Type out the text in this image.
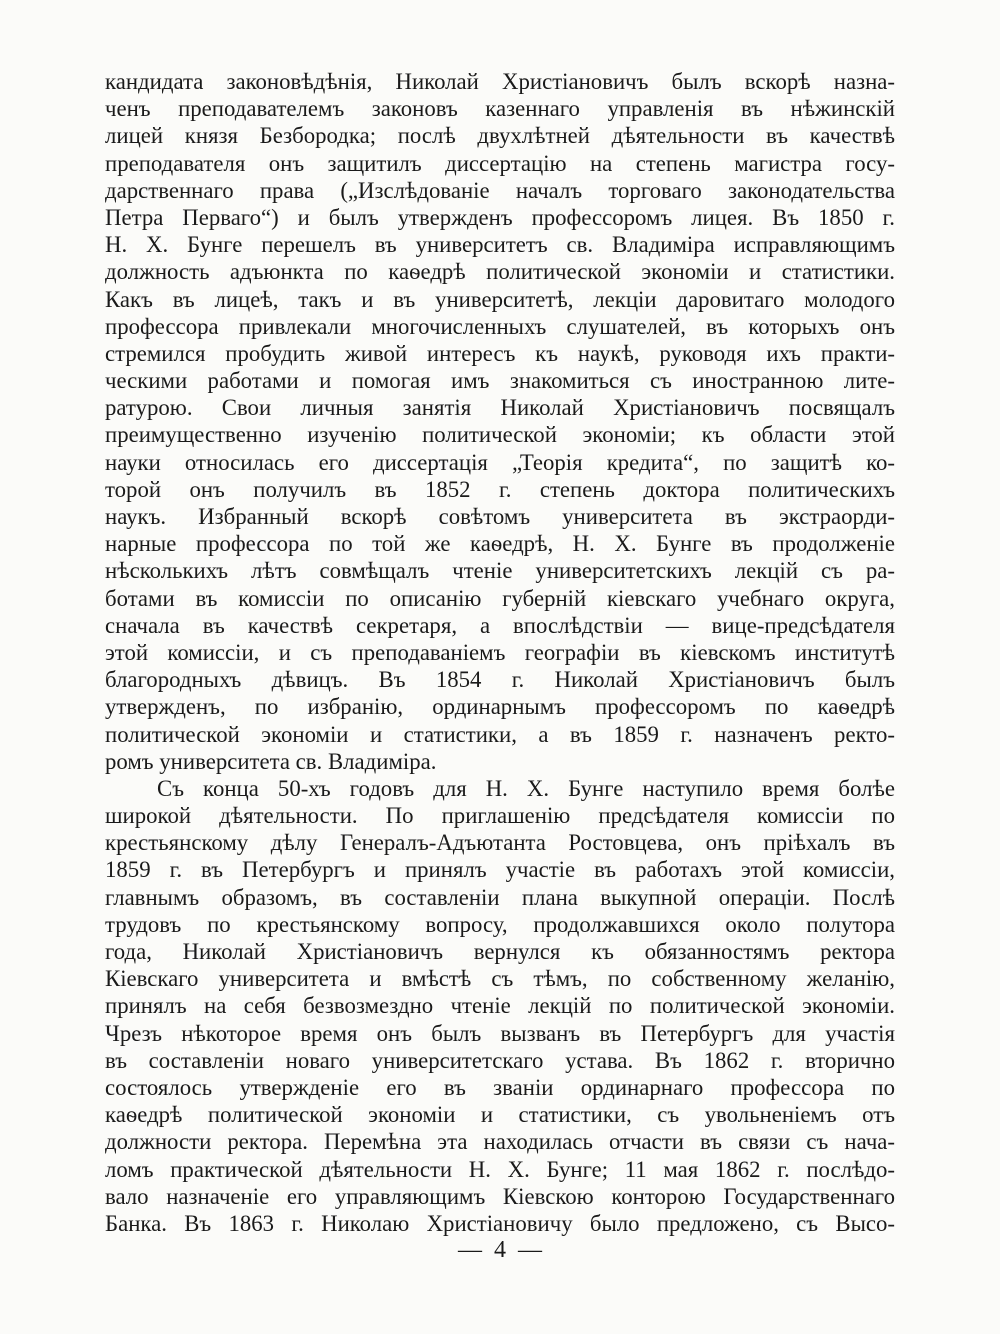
кандидата законовѣдѣнія, Николай Христіановичъ былъ вскорѣ назна-
ченъ преподавателемъ законовъ казеннаго управленія въ нѣжинскій
лицей князя Безбородка; послѣ двухлѣтней дѣятельности въ качествѣ
преподавателя онъ защитилъ диссертацію на степень магистра госу-
дарственнаго права („Изслѣдованіе началъ торговаго законодательства
Петра Перваго“) и былъ утвержденъ профессоромъ лицея. Въ 1850 г.
Н. Х. Бунге перешелъ въ университетъ св. Владиміра исправляющимъ
должность адъюнкта по каѳедрѣ политической экономіи и статистики.
Какъ въ лицеѣ, такъ и въ университетѣ, лекціи даровитаго молодого
профессора привлекали многочисленныхъ слушателей, въ которыхъ онъ
стремился пробудить живой интересъ къ наукѣ, руководя ихъ практи-
ческими работами и помогая имъ знакомиться съ иностранною лите-
ратурою. Свои личныя занятія Николай Христіановичъ посвящалъ
преимущественно изученію политической экономіи; къ области этой
науки относилась его диссертація „Теорія кредита“, по защитѣ ко-
торой онъ получилъ въ 1852 г. степень доктора политическихъ
наукъ. Избранный вскорѣ совѣтомъ университета въ экстраорди-
нарные профессора по той же каѳедрѣ, Н. Х. Бунге въ продолженіе
нѣсколькихъ лѣтъ совмѣщалъ чтеніе университетскихъ лекцій съ ра-
ботами въ комиссіи по описанію губерній кіевскаго учебнаго округа,
сначала въ качествѣ секретаря, а впослѣдствіи — вице-предсѣдателя
этой комиссіи, и съ преподаваніемъ географіи въ кіевскомъ институтѣ
благородныхъ дѣвицъ. Въ 1854 г. Николай Христіановичъ былъ
утвержденъ, по избранію, ординарнымъ профессоромъ по каѳедрѣ
политической экономіи и статистики, а въ 1859 г. назначенъ ректо-
ромъ университета св. Владиміра.
Съ конца 50-хъ годовъ для Н. Х. Бунге наступило время болѣе
широкой дѣятельности. По приглашенію предсѣдателя комиссіи по
крестьянскому дѣлу Генералъ-Адъютанта Ростовцева, онъ пріѣхалъ въ
1859 г. въ Петербургъ и принялъ участіе въ работахъ этой комиссіи,
главнымъ образомъ, въ составленіи плана выкупной операціи. Послѣ
трудовъ по крестьянскому вопросу, продолжавшихся около полутора
года, Николай Христіановичъ вернулся къ обязанностямъ ректора
Кіевскаго университета и вмѣстѣ съ тѣмъ, по собственному желанію,
принялъ на себя безвозмездно чтеніе лекцій по политической экономіи.
Чрезъ нѣкоторое время онъ былъ вызванъ въ Петербургъ для участія
въ составленіи новаго университетскаго устава. Въ 1862 г. вторично
состоялось утвержденіе его въ званіи ординарнаго профессора по
каѳедрѣ политической экономіи и статистики, съ увольненіемъ отъ
должности ректора. Перемѣна эта находилась отчасти въ связи съ нача-
ломъ практической дѣятельности Н. Х. Бунге; 11 мая 1862 г. послѣдо-
вало назначеніе его управляющимъ Кіевскою конторою Государственнаго
Банка. Въ 1863 г. Николаю Христіановичу было предложено, съ Высо-
—  4  —
